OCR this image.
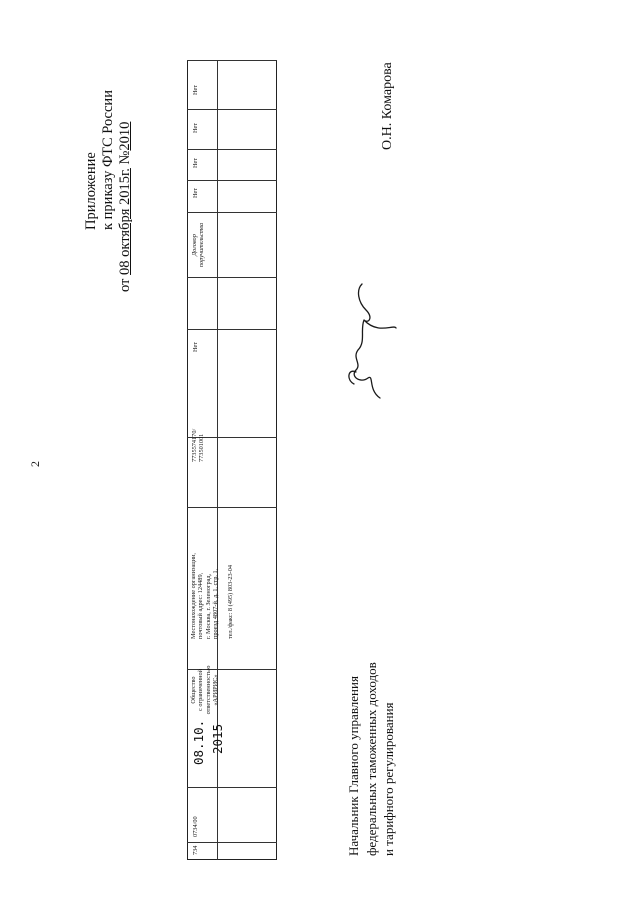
2
Приложение к приказу ФТС России
от 08 октября 2015г. №2010
734
0734/00
08.10. 2015
Общество с ограниченной ответственностью «АРИРИС»
Местонахождение организации, почтовый адрес: 124489, г. Москва, г. Зеленоград, проезд 4807-й, д. 1, стр. 1, тел./факс: 8 (495) 803-23-04
7735574170/ 773501001
Нет
Договор поручительства
Нет
Нет
Нет
Нет
Начальник Главного управления федеральных таможенных доходов и тарифного регулирования
О.Н. Комарова
